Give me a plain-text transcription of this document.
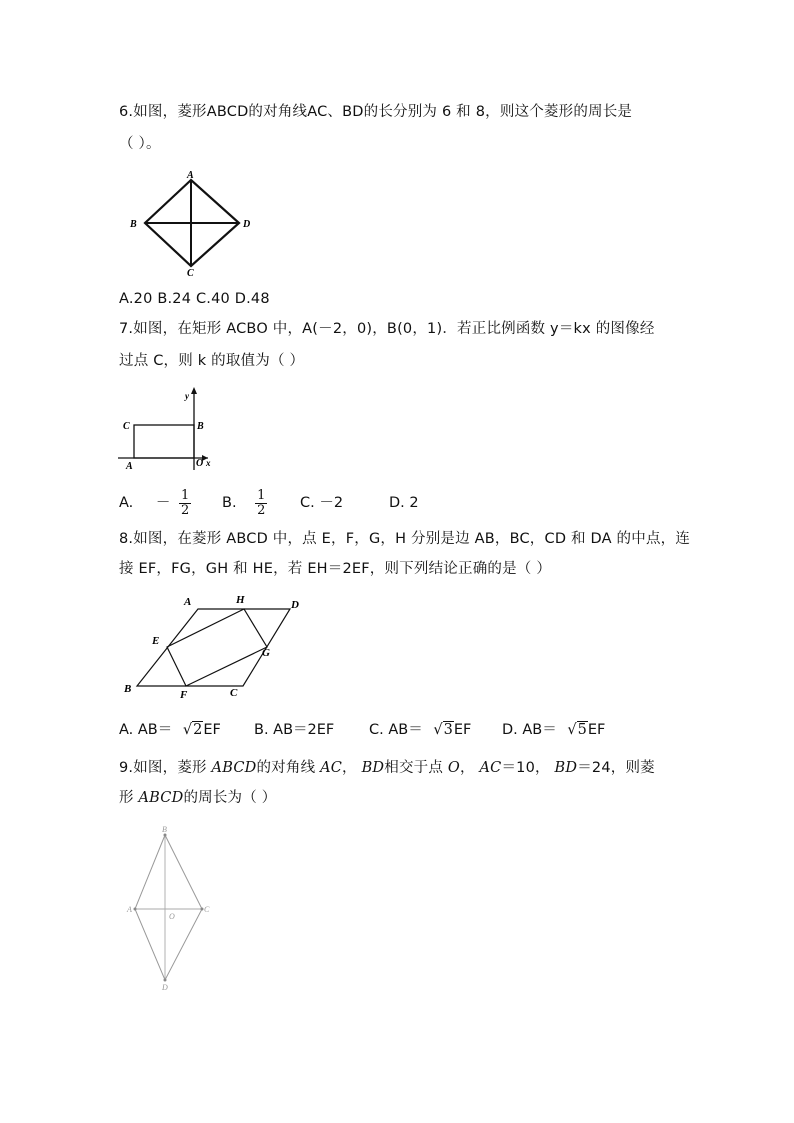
6.如图，菱形ABCD的对角线AC、BD的长分别为 6 和 8，则这个菱形的周长是
（ ）。
A
B
C
D
A.20 B.24 C.40 D.48
7.如图，在矩形 ACBO 中，A(－2，0)，B(0，1)．若正比例函数 y＝kx 的图像经
过点 C，则 k 的取值为（ ）
y
C	B
A	O x
A. － $\frac{1}{2} B$. $\frac{1}{2} C$. －2	D. 2
8.如图，在菱形 ABCD 中，点 E，F，G，H 分别是边 AB，BC，CD 和 DA 的中点，连
接 EF，FG，GH 和 HE，若 EH＝2EF，则下列结论正确的是（ ）
A	H	D
E
G
B	F	C
A. AB＝ √2EF B. AB＝2EF C. AB＝ √3EF D. AB＝ √5EF
9.如图，菱形 ABCD的对角线 AC， BD相交于点 O， AC＝10， BD＝24，则菱
形 ABCD的周长为（ ）
B
A
O
C
D
